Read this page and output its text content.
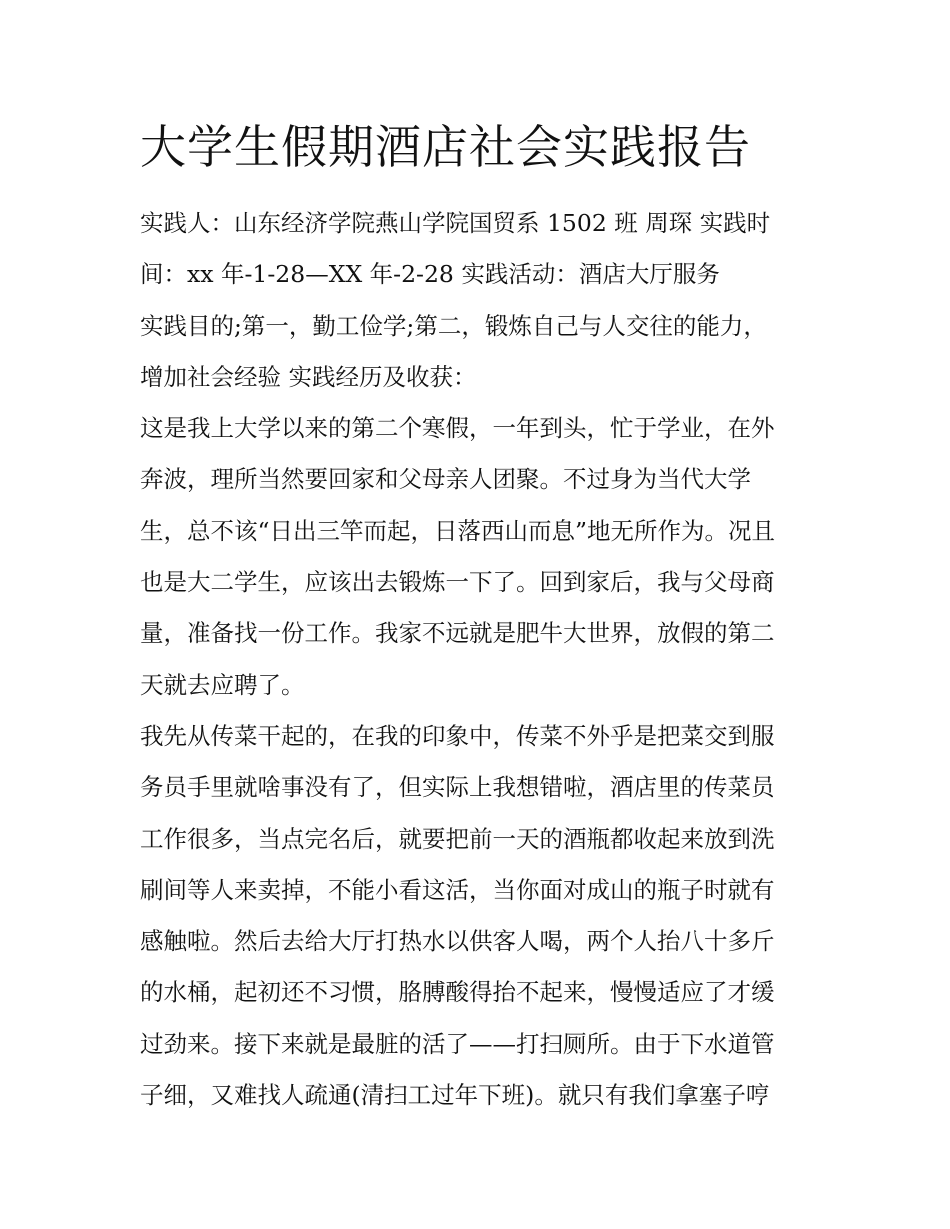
大学生假期酒店社会实践报告
实践人：山东经济学院燕山学院国贸系 1502 班 周琛 实践时
间：xx 年-1-28—XX 年-2-28 实践活动：酒店大厅服务
实践目的;第一，勤工俭学;第二，锻炼自己与人交往的能力，
增加社会经验 实践经历及收获：
这是我上大学以来的第二个寒假，一年到头，忙于学业，在外
奔波，理所当然要回家和父母亲人团聚。不过身为当代大学
生，总不该“日出三竿而起，日落西山而息”地无所作为。况且
也是大二学生，应该出去锻炼一下了。回到家后，我与父母商
量，准备找一份工作。我家不远就是肥牛大世界，放假的第二
天就去应聘了。
我先从传菜干起的，在我的印象中，传菜不外乎是把菜交到服
务员手里就啥事没有了，但实际上我想错啦，酒店里的传菜员
工作很多，当点完名后，就要把前一天的酒瓶都收起来放到洗
刷间等人来卖掉，不能小看这活，当你面对成山的瓶子时就有
感触啦。然后去给大厅打热水以供客人喝，两个人抬八十多斤
的水桶，起初还不习惯，胳膊酸得抬不起来，慢慢适应了才缓
过劲来。接下来就是最脏的活了——打扫厕所。由于下水道管
子细，又难找人疏通(清扫工过年下班)。就只有我们拿塞子哼
